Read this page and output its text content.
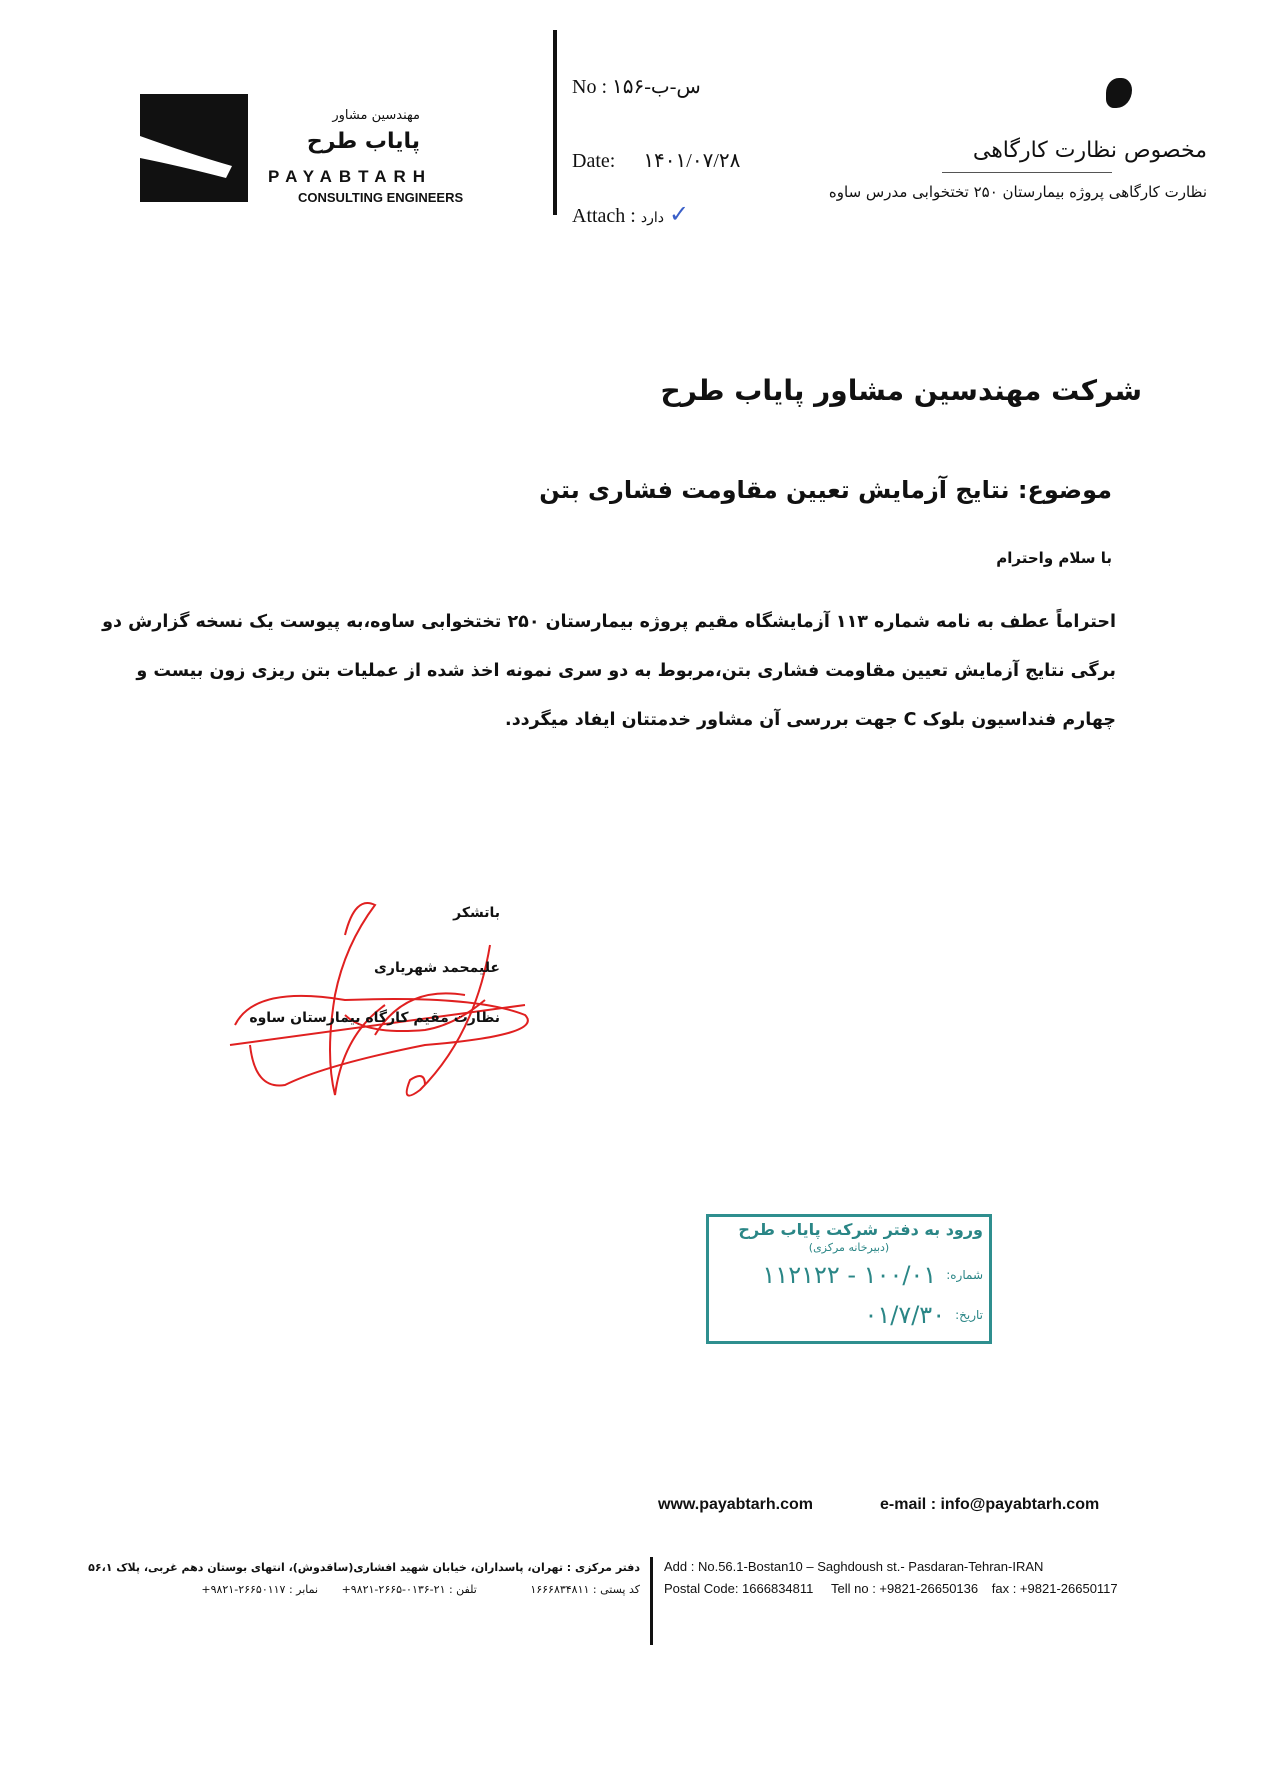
مهندسین مشاور
پایاب طرح
PAYABTARH
CONSULTING ENGINEERS
No : ۱۵۶-س-ب
Date: ۱۴۰۱/۰۷/۲۸
Attach : دارد ✓
مخصوص نظارت کارگاهی
نظارت کارگاهی پروژه بیمارستان ۲۵۰ تختخوابی مدرس ساوه
شرکت مهندسین مشاور پایاب طرح
موضوع: نتایج آزمایش تعیین مقاومت فشاری بتن
با سلام واحترام
احتراماً عطف به نامه شماره ۱۱۳ آزمایشگاه مقیم پروژه بیمارستان ۲۵۰ تختخوابی ساوه،به پیوست یک نسخه گزارش دو برگی نتایج آزمایش تعیین مقاومت فشاری بتن،مربوط به دو سری نمونه اخذ شده از عملیات بتن ریزی زون بیست و چهارم فنداسیون بلوک C جهت بررسی آن مشاور خدمتتان ایفاد میگردد.
باتشکر
علیمحمد شهریاری
نظارت مقیم کارگاه بیمارستان ساوه
ورود به دفتر شرکت پایاب طرح
(دبیرخانه مرکزی)
شماره:
۱۰۰/۰۱ - ۱۱۲۱۲۲
تاریخ:
۰۱/۷/۳۰
www.payabtarh.com	e-mail : info@payabtarh.com
دفتر مرکزی : تهران، پاسداران، خیابان شهید افشاری(ساقدوش)، انتهای بوستان دهم غربی، پلاک ۵۶،۱
کد پستی : ۱۶۶۶۸۳۴۸۱۱ تلفن : ۲۱-۰۱۳۶-۲۶۶۵-۹۸۲۱+ نمابر : ۲۶۶۵۰۱۱۷-۹۸۲۱+
Add : No.56.1-Bostan10 – Saghdoush st.- Pasdaran-Tehran-IRAN
Postal Code: 1666834811 Tell no : +9821-26650136 fax : +9821-26650117
